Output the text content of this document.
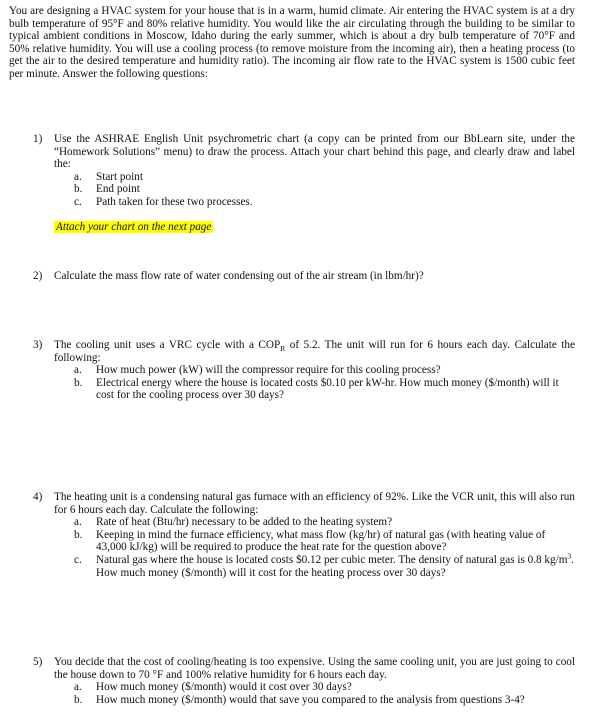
You are designing a HVAC system for your house that is in a warm, humid climate. Air entering the HVAC system is at a dry bulb temperature of 95°F and 80% relative humidity. You would like the air circulating through the building to be similar to typical ambient conditions in Moscow, Idaho during the early summer, which is about a dry bulb temperature of 70°F and 50% relative humidity. You will use a cooling process (to remove moisture from the incoming air), then a heating process (to get the air to the desired temperature and humidity ratio). The incoming air flow rate to the HVAC system is 1500 cubic feet per minute. Answer the following questions:
1) Use the ASHRAE English Unit psychrometric chart (a copy can be printed from our BbLearn site, under the “Homework Solutions” menu) to draw the process. Attach your chart behind this page, and clearly draw and label the:
a. Start point
b. End point
c. Path taken for these two processes.
Attach your chart on the next page
2) Calculate the mass flow rate of water condensing out of the air stream (in lbm/hr)?
3) The cooling unit uses a VRC cycle with a $COP_R$ of 5.2. The unit will run for 6 hours each day. Calculate the following:
a. How much power (kW) will the compressor require for this cooling process?
b. Electrical energy where the house is located costs $0.10 per kW-hr. How much money ($/month) will it cost for the cooling process over 30 days?
4) The heating unit is a condensing natural gas furnace with an efficiency of 92%. Like the VCR unit, this will also run for 6 hours each day. Calculate the following:
a. Rate of heat (Btu/hr) necessary to be added to the heating system?
b. Keeping in mind the furnace efficiency, what mass flow (kg/hr) of natural gas (with heating value of 43,000 kJ/kg) will be required to produce the heat rate for the question above?
c. Natural gas where the house is located costs $0.12 per cubic meter. The density of natural gas is 0.8 $kg/m^3$. How much money ($/month) will it cost for the heating process over 30 days?
5) You decide that the cost of cooling/heating is too expensive. Using the same cooling unit, you are just going to cool the house down to 70 °F and 100% relative humidity for 6 hours each day.
a. How much money ($/month) would it cost over 30 days?
b. How much money ($/month) would that save you compared to the analysis from questions 3-4?
